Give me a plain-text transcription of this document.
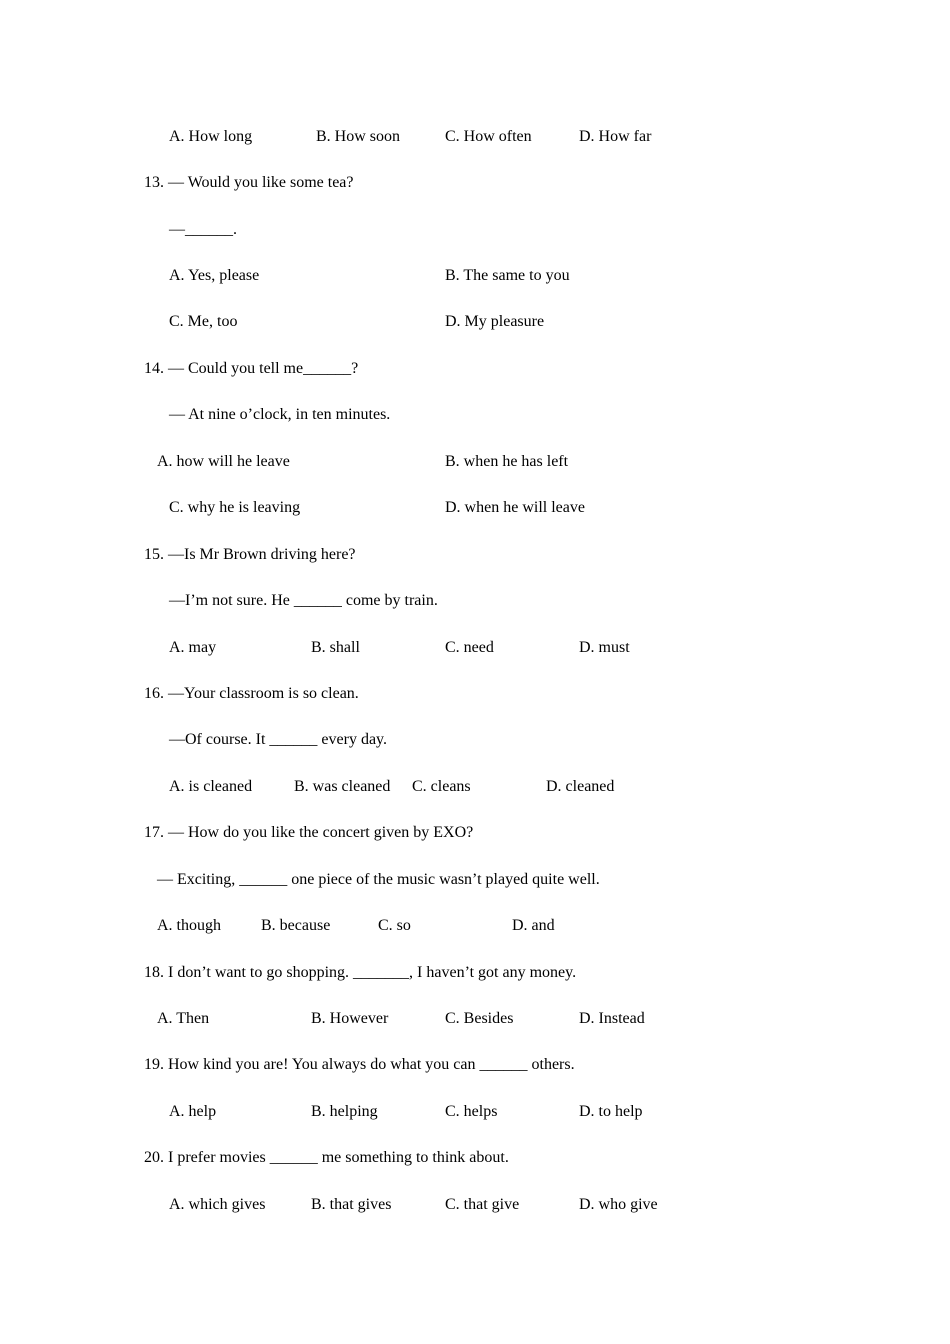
A. How long	B. How soon	C. How often	D. How far
13. — Would you like some tea?
—______.
A. Yes, please	B. The same to you
C. Me, too	D. My pleasure
14. — Could you tell me______?
— At nine o’clock, in ten minutes.
A. how will he leave	B. when he has left
C. why he is leaving	D. when he will leave
15. —Is Mr Brown driving here?
—I’m not sure. He ______ come by train.
A. may	B. shall	C. need	D. must
16. —Your classroom is so clean.
—Of course. It ______ every day.
A. is cleaned	B. was cleaned C. cleans	D. cleaned
17. — How do you like the concert given by EXO?
— Exciting, ______ one piece of the music wasn’t played quite well.
A. though	B. because	C. so	D. and
18. I don’t want to go shopping. _______, I haven’t got any money.
A. Then	B. However	C. Besides	D. Instead
19. How kind you are! You always do what you can ______ others.
A. help	B. helping	C. helps	D. to help
20. I prefer movies ______ me something to think about.
A. which gives	B. that gives	C. that give	D. who give
